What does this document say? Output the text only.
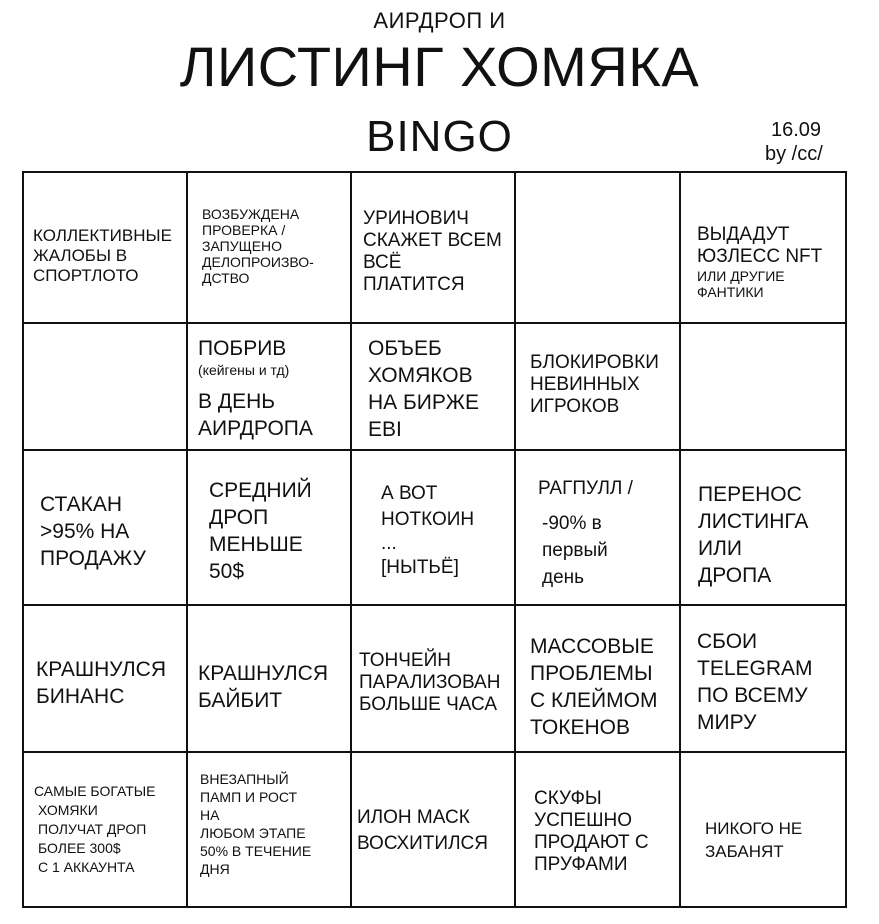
АИРДРОП И
ЛИСТИНГ ХОМЯКА
BINGO	16.09
by /cc/
КОЛЛЕКТИВНЫЕ
ЖАЛОБЫ В
СПОРТЛОТО
ВОЗБУЖДЕНА
ПРОВЕРКА /
ЗАПУЩЕНО
ДЕЛОПРОИЗВО-
ДСТВО
УРИНОВИЧ
СКАЖЕТ ВСЕМ
ВСЁ
ПЛАТИТСЯ
ВЫДАДУТ
ЮЗЛЕСС NFT
ИЛИ ДРУГИЕ
ФАНТИКИ
ПОБРИВ
(кейгены и тд)
В ДЕНЬ
АИРДРОПА
ОБЪЕБ
ХОМЯКОВ
НА БИРЖЕ
EBI
БЛОКИРОВКИ
НЕВИННЫХ
ИГРОКОВ
СТАКАН
>95% НА
ПРОДАЖУ
СРЕДНИЙ
ДРОП
МЕНЬШЕ
50$
А ВОТ
НОТКОИН
...
[НЫТЬЁ]
РАГПУЛЛ /
-90% в
первый
день
ПЕРЕНОС
ЛИСТИНГА
ИЛИ
ДРОПА
КРАШНУЛСЯ
БИНАНС
КРАШНУЛСЯ
БАЙБИТ
ТОНЧЕЙН
ПАРАЛИЗОВАН
БОЛЬШЕ ЧАСА
МАССОВЫЕ
ПРОБЛЕМЫ
С КЛЕЙМОМ
ТОКЕНОВ
СБОИ
TELEGRAM
ПО ВСЕМУ
МИРУ
САМЫЕ БОГАТЫЕ
ХОМЯКИ
ПОЛУЧАТ ДРОП
БОЛЕЕ 300$
С 1 АККАУНТА
ВНЕЗАПНЫЙ
ПАМП И РОСТ
НА
ЛЮБОМ ЭТАПЕ
50% В ТЕЧЕНИЕ
ДНЯ
ИЛОН МАСК
ВОСХИТИЛСЯ
СКУФЫ
УСПЕШНО
ПРОДАЮТ С
ПРУФАМИ
НИКОГО НЕ
ЗАБАНЯТ
